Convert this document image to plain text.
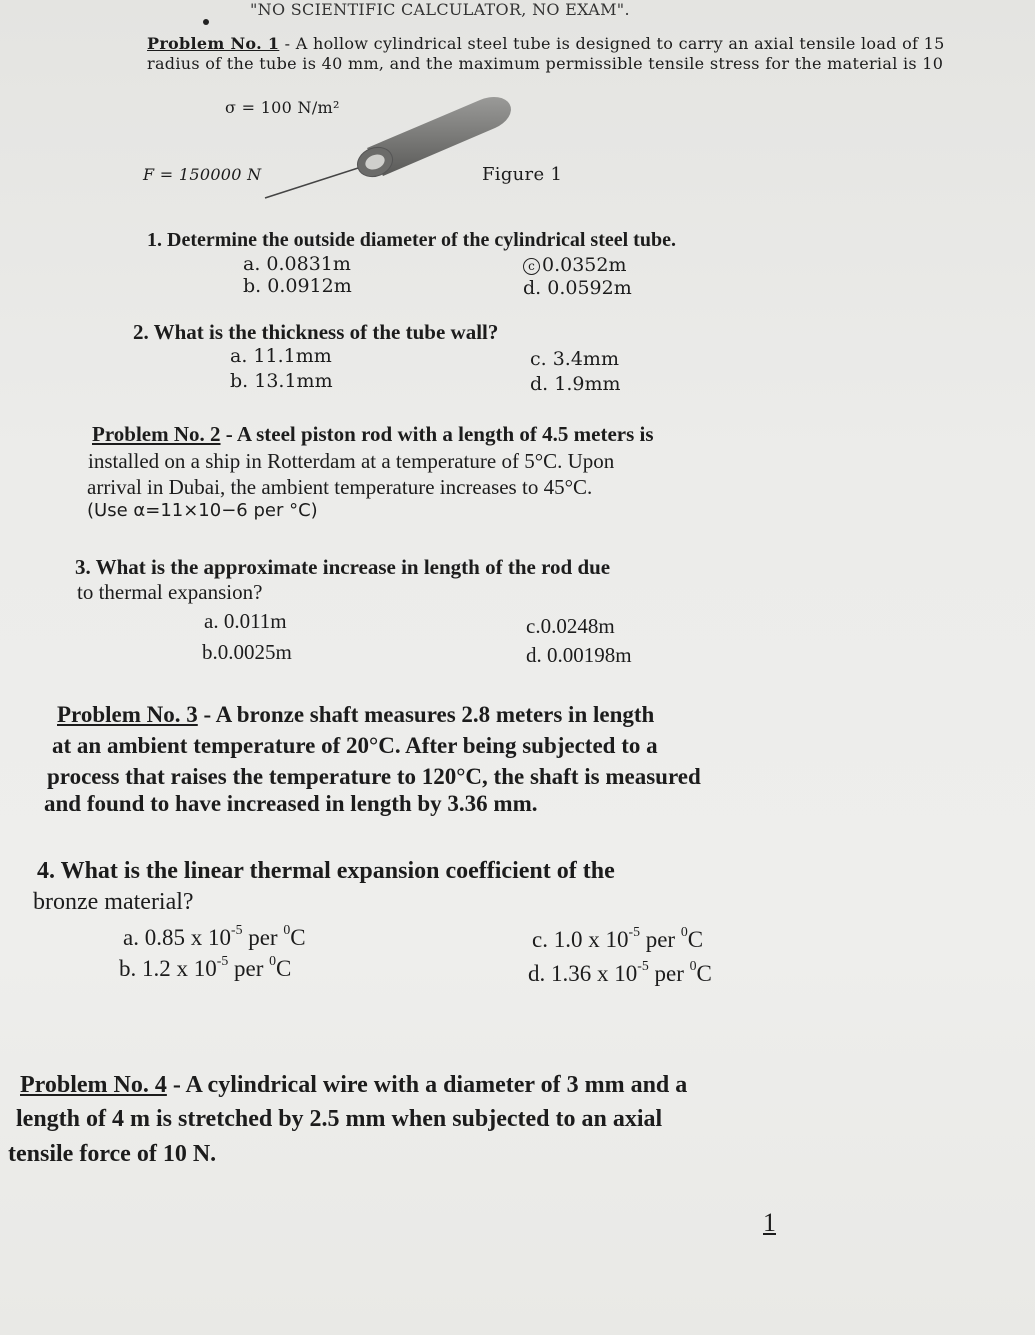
"NO SCIENTIFIC CALCULATOR, NO EXAM".
Problem No. 1 - A hollow cylindrical steel tube is designed to carry an axial tensile load of 15
radius of the tube is 40 mm, and the maximum permissible tensile stress for the material is 10
σ = 100 N/m²
F = 150000 N	Figure 1
1. Determine the outside diameter of the cylindrical steel tube.
a. 0.0831m
b. 0.0912m
c 0.0352m
d. 0.0592m
2. What is the thickness of the tube wall?
a. 11.1mm
b. 13.1mm
c. 3.4mm
d. 1.9mm
Problem No. 2 - A steel piston rod with a length of 4.5 meters is
installed on a ship in Rotterdam at a temperature of 5°C. Upon
arrival in Dubai, the ambient temperature increases to 45°C.
(Use α=11×10−6 per °C)
3. What is the approximate increase in length of the rod due
to thermal expansion?
a. 0.011m
b.0.0025m
c.0.0248m
d. 0.00198m
Problem No. 3 - A bronze shaft measures 2.8 meters in length
at an ambient temperature of 20°C. After being subjected to a
process that raises the temperature to 120°C, the shaft is measured
and found to have increased in length by 3.36 mm.
4. What is the linear thermal expansion coefficient of the
bronze material?
a. 0.85 x $10^{-5}$ per $^0$C
b. 1.2 x $10^{-5}$ per $^0$C
c. 1.0 x $10^{-5}$ per $^0$C
d. 1.36 x $10^{-5}$ per $^0$C
Problem No. 4 - A cylindrical wire with a diameter of 3 mm and a
length of 4 m is stretched by 2.5 mm when subjected to an axial
tensile force of 10 N.
1
